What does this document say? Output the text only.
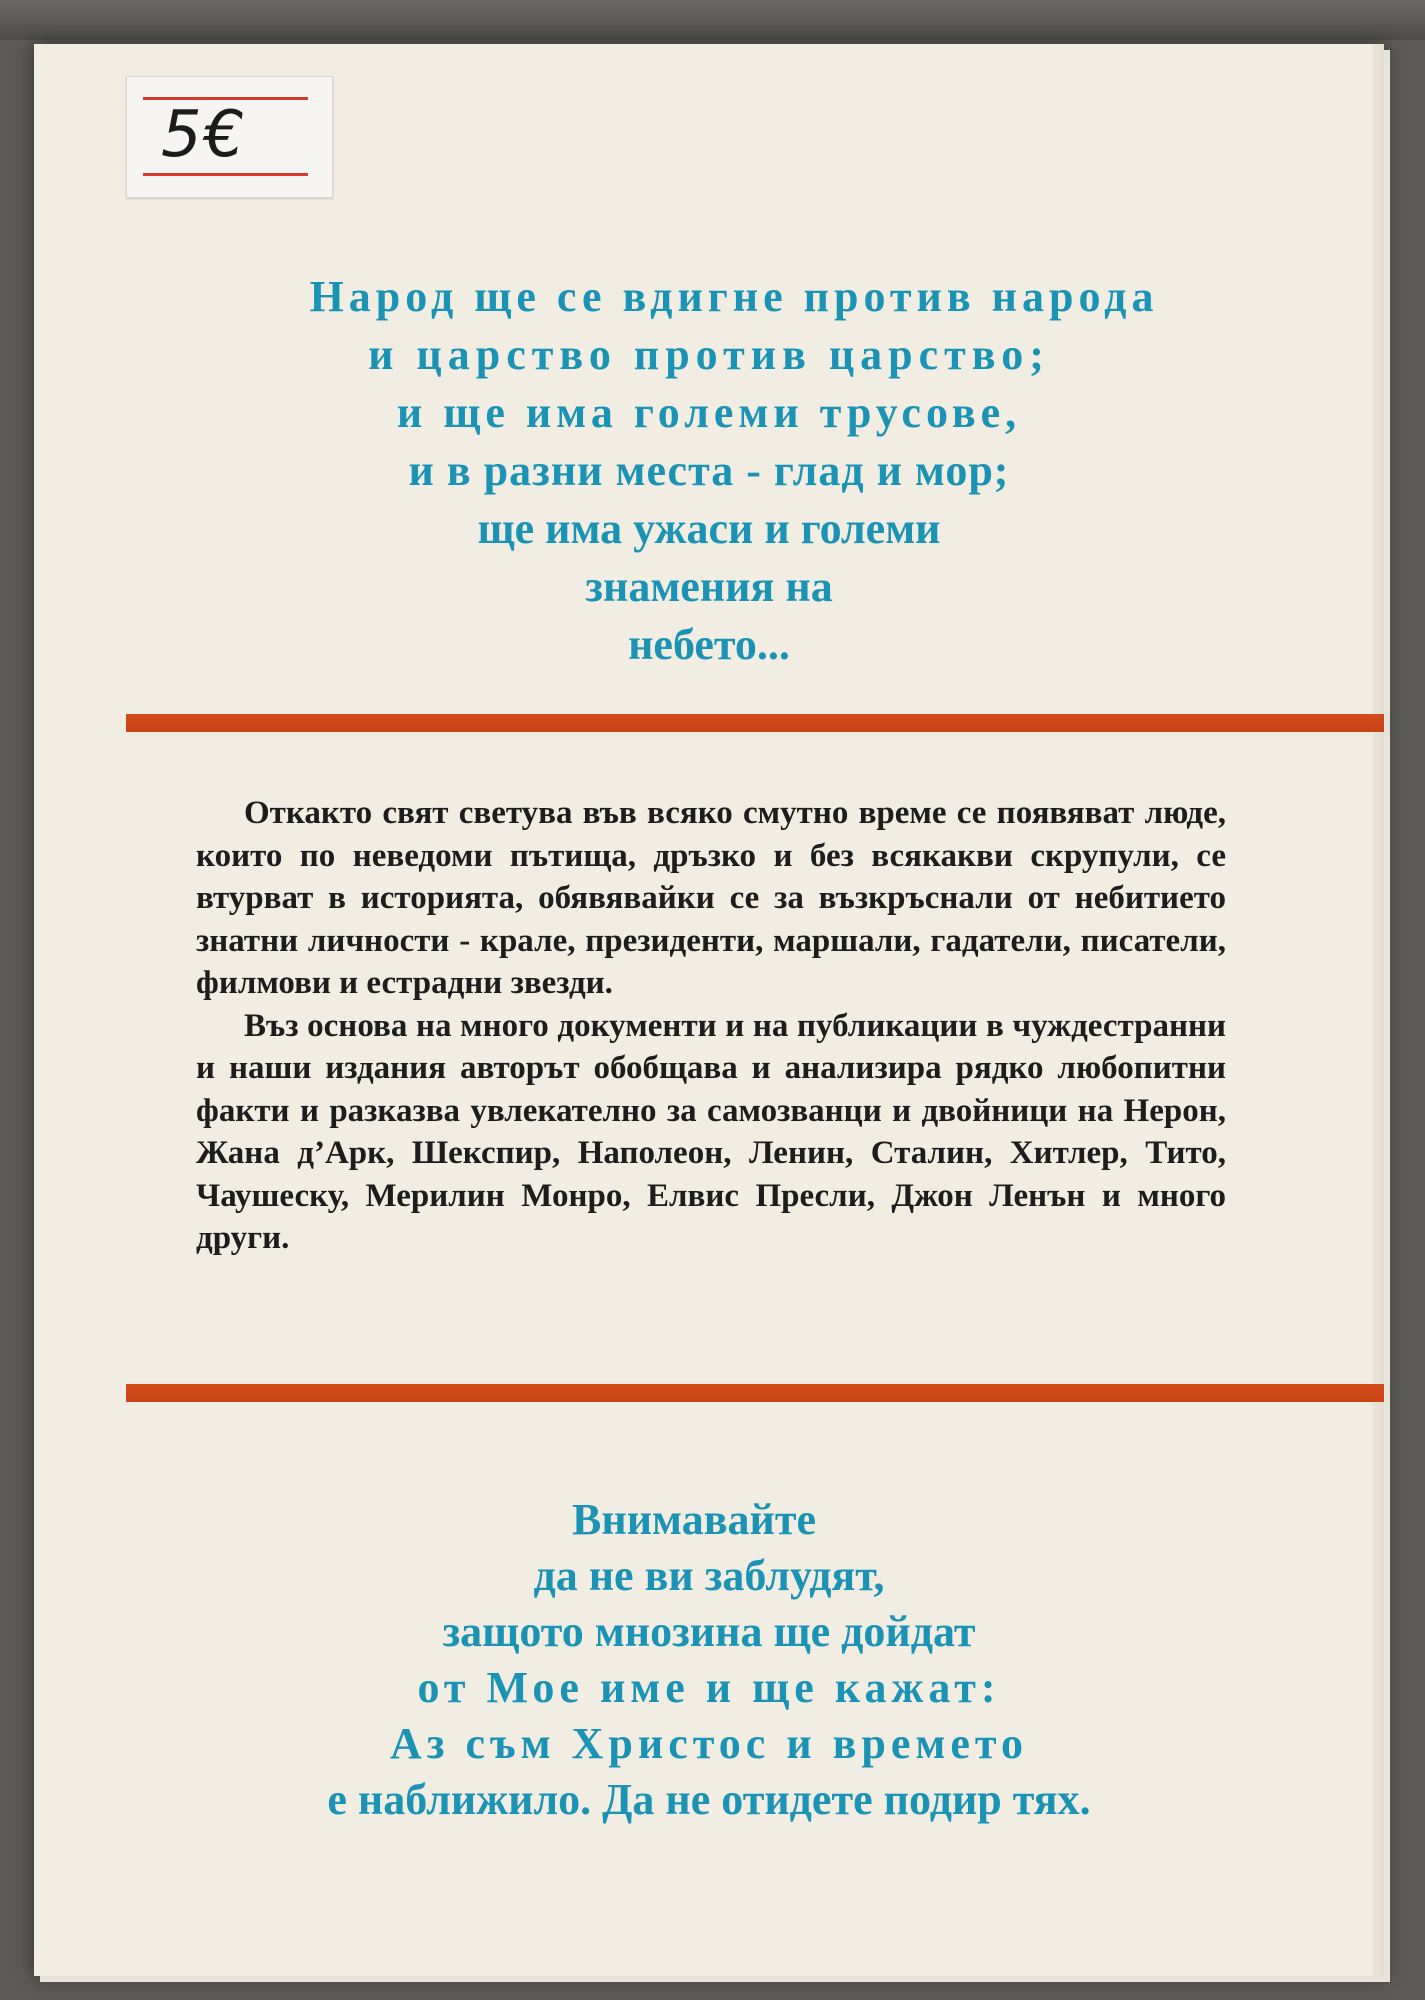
5€
Народ ще се вдигне против народа
и царство против царство;
и ще има големи трусове,
и в разни места - глад и мор;
ще има ужаси и големи
знамения на
небето...

Откакто свят светува във всяко смутно време се появяват люде, които по неведоми пътища, дръзко и без всякакви скрупули, се втурват в историята, обявявайки се за възкръснали от небитието знатни личности - крале, президенти, маршали, гадатели, писатели, филмови и естрадни звезди.

Въз основа на много документи и на публикации в чуждестранни и наши издания авторът обобщава и анализира рядко любопитни факти и разказва увлекателно за самозванци и двойници на Нерон, Жана д’Арк, Шекспир, Наполеон, Ленин, Сталин, Хитлер, Тито, Чаушеску, Мерилин Монро, Елвис Пресли, Джон Ленън и много други.

Внимавайте
да не ви заблудят,
защото мнозина ще дойдат
от Мое име и ще кажат:
Аз съм Христос и времето
е наближило. Да не отидете подир тях.
